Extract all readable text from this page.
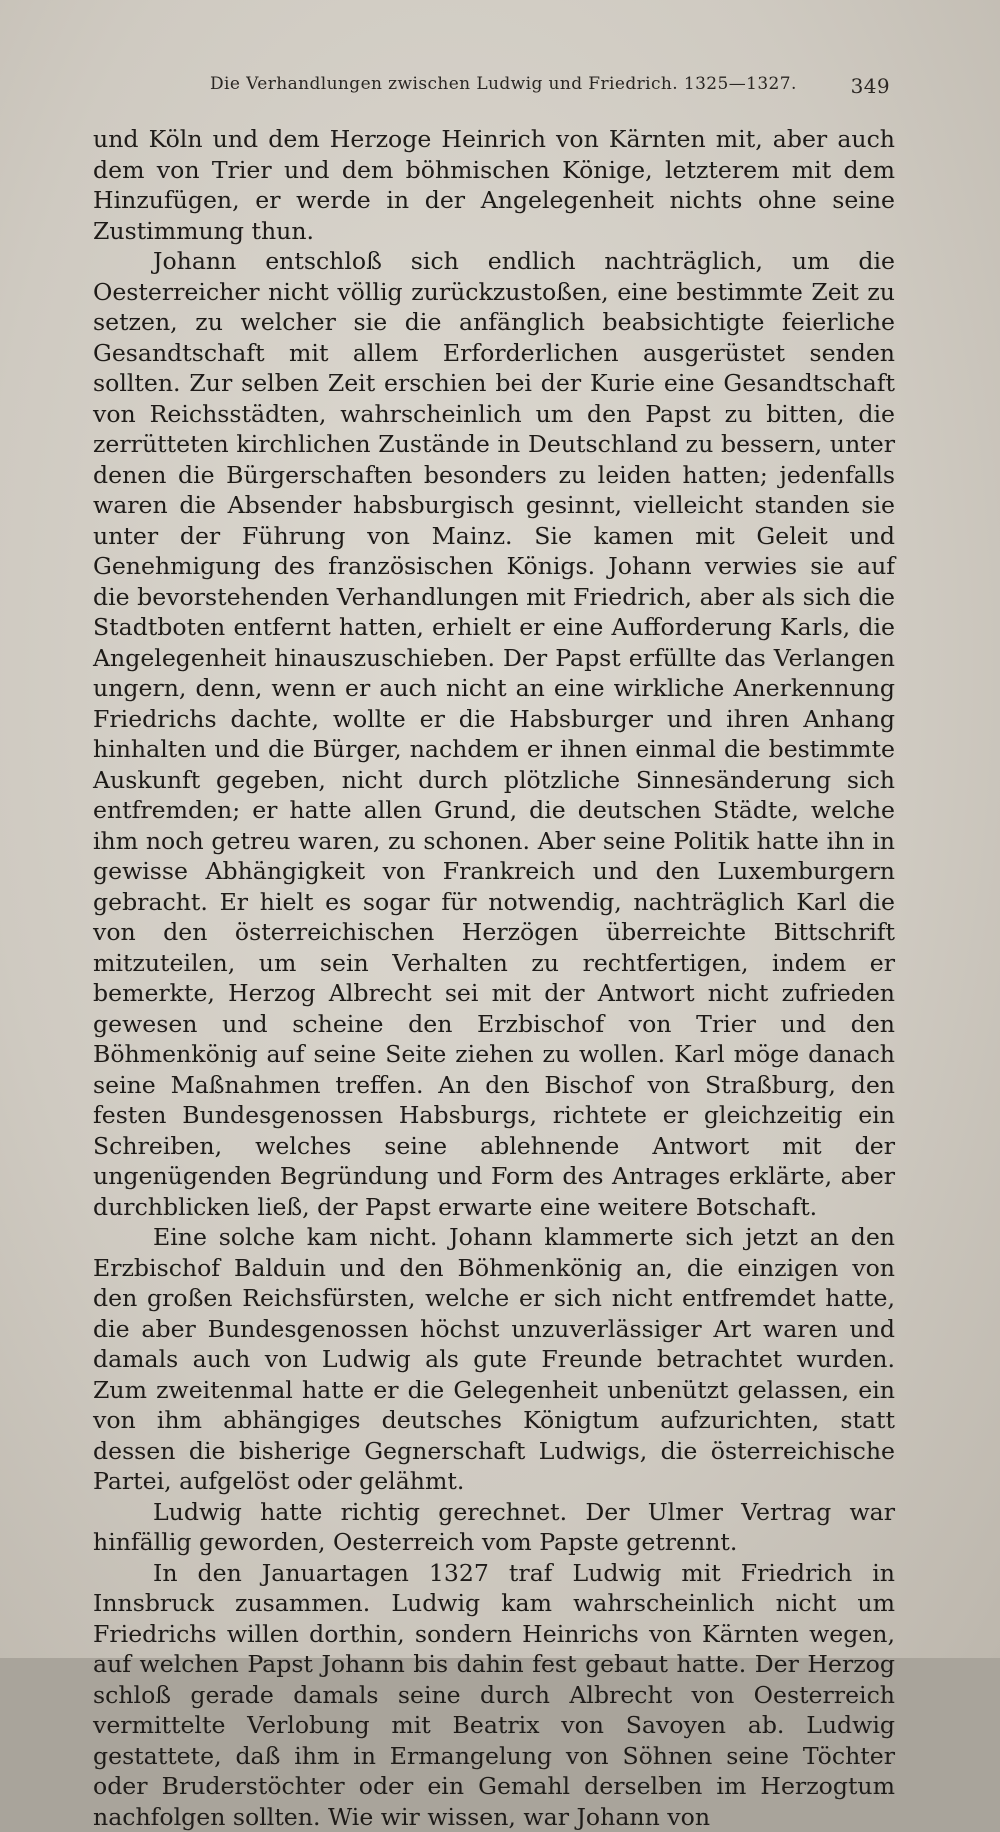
Die Verhandlungen zwischen Ludwig und Friedrich. 1325—1327.	349

und Köln und dem Herzoge Heinrich von Kärnten mit, aber auch dem von Trier und dem böhmischen Könige, letzterem mit dem Hinzufügen, er werde in der Angelegenheit nichts ohne seine Zustimmung thun.

Johann entschloß sich endlich nachträglich, um die Oesterreicher nicht völlig zurückzustoßen, eine bestimmte Zeit zu setzen, zu welcher sie die anfänglich beabsichtigte feierliche Gesandtschaft mit allem Erforderlichen ausgerüstet senden sollten. Zur selben Zeit erschien bei der Kurie eine Gesandtschaft von Reichsstädten, wahrscheinlich um den Papst zu bitten, die zerrütteten kirchlichen Zustände in Deutschland zu bessern, unter denen die Bürgerschaften besonders zu leiden hatten; jedenfalls waren die Absender habsburgisch gesinnt, vielleicht standen sie unter der Führung von Mainz. Sie kamen mit Geleit und Genehmigung des französischen Königs. Johann verwies sie auf die bevorstehenden Verhandlungen mit Friedrich, aber als sich die Stadtboten entfernt hatten, erhielt er eine Aufforderung Karls, die Angelegenheit hinauszuschieben. Der Papst erfüllte das Verlangen ungern, denn, wenn er auch nicht an eine wirkliche Anerkennung Friedrichs dachte, wollte er die Habsburger und ihren Anhang hinhalten und die Bürger, nachdem er ihnen einmal die bestimmte Auskunft gegeben, nicht durch plötzliche Sinnesänderung sich entfremden; er hatte allen Grund, die deutschen Städte, welche ihm noch getreu waren, zu schonen. Aber seine Politik hatte ihn in gewisse Abhängigkeit von Frankreich und den Luxemburgern gebracht. Er hielt es sogar für notwendig, nachträglich Karl die von den österreichischen Herzögen überreichte Bittschrift mitzuteilen, um sein Verhalten zu rechtfertigen, indem er bemerkte, Herzog Albrecht sei mit der Antwort nicht zufrieden gewesen und scheine den Erzbischof von Trier und den Böhmenkönig auf seine Seite ziehen zu wollen. Karl möge danach seine Maßnahmen treffen. An den Bischof von Straßburg, den festen Bundesgenossen Habsburgs, richtete er gleichzeitig ein Schreiben, welches seine ablehnende Antwort mit der ungenügenden Begründung und Form des Antrages erklärte, aber durchblicken ließ, der Papst erwarte eine weitere Botschaft.

Eine solche kam nicht. Johann klammerte sich jetzt an den Erzbischof Balduin und den Böhmenkönig an, die einzigen von den großen Reichsfürsten, welche er sich nicht entfremdet hatte, die aber Bundesgenossen höchst unzuverlässiger Art waren und damals auch von Ludwig als gute Freunde betrachtet wurden. Zum zweitenmal hatte er die Gelegenheit unbenützt gelassen, ein von ihm abhängiges deutsches Königtum aufzurichten, statt dessen die bisherige Gegnerschaft Ludwigs, die österreichische Partei, aufgelöst oder gelähmt.

Ludwig hatte richtig gerechnet. Der Ulmer Vertrag war hinfällig geworden, Oesterreich vom Papste getrennt.

In den Januartagen 1327 traf Ludwig mit Friedrich in Innsbruck zusammen. Ludwig kam wahrscheinlich nicht um Friedrichs willen dorthin, sondern Heinrichs von Kärnten wegen, auf welchen Papst Johann bis dahin fest gebaut hatte. Der Herzog schloß gerade damals seine durch Albrecht von Oesterreich vermittelte Verlobung mit Beatrix von Savoyen ab. Ludwig gestattete, daß ihm in Ermangelung von Söhnen seine Töchter oder Bruderstöchter oder ein Gemahl derselben im Herzogtum nachfolgen sollten. Wie wir wissen, war Johann von
